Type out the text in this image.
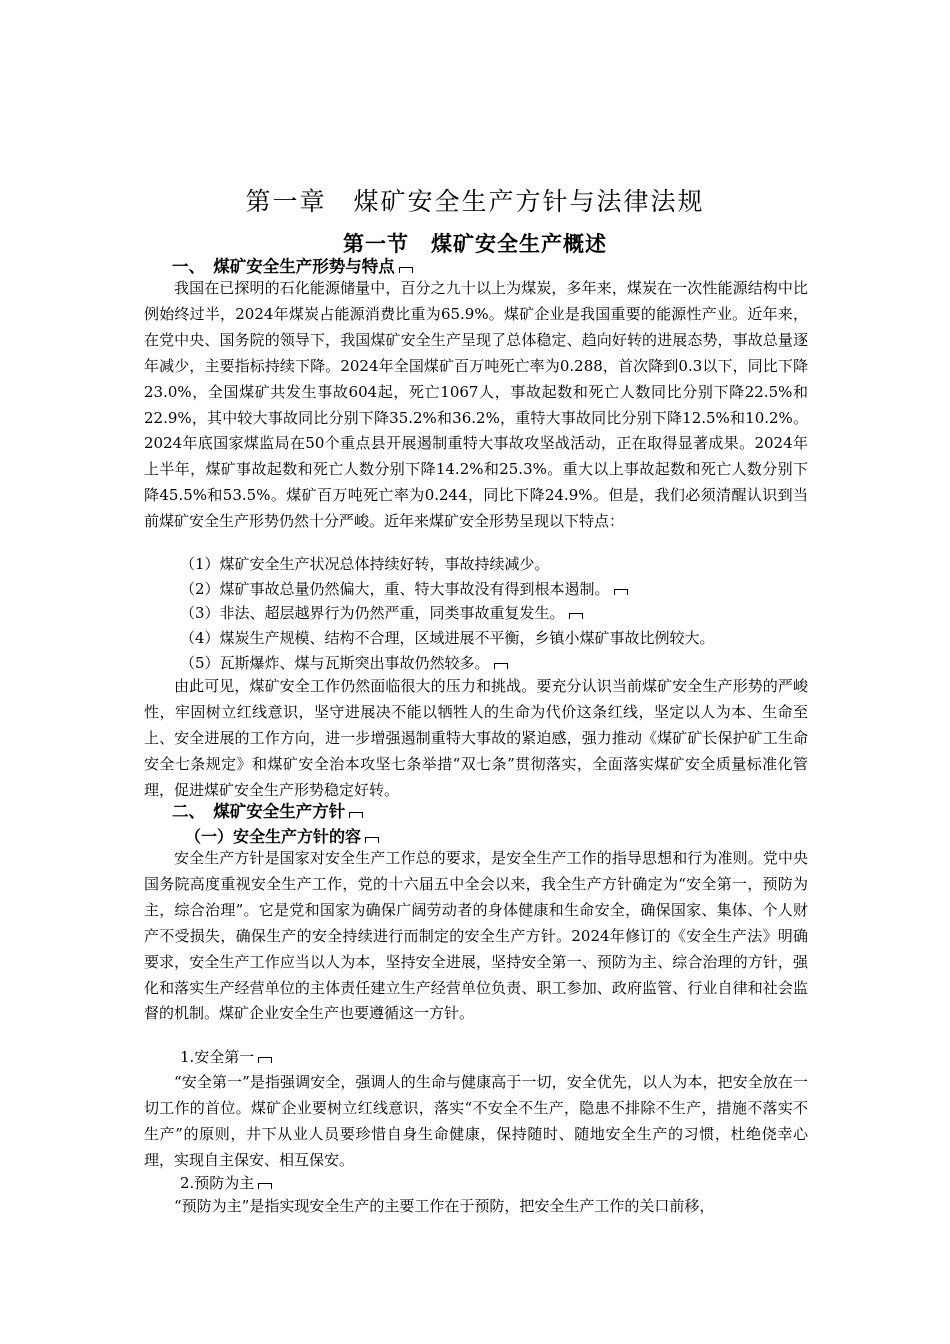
第一章　煤矿安全生产方针与法律法规
第一节　煤矿安全生产概述
一、　煤矿安全生产形势与特点

我国在已探明的石化能源储量中，百分之九十以上为煤炭，多年来，煤炭在一次性能源结构中比例始终过半，2024年煤炭占能源消费比重为65.9%。煤矿企业是我国重要的能源性产业。近年来，在党中央、国务院的领导下，我国煤矿安全生产呈现了总体稳定、趋向好转的进展态势，事故总量逐年减少，主要指标持续下降。2024年全国煤矿百万吨死亡率为0.288，首次降到0.3以下，同比下降23.0%，全国煤矿共发生事故604起，死亡1067人，事故起数和死亡人数同比分别下降22.5%和22.9%，其中较大事故同比分别下降35.2%和36.2%，重特大事故同比分别下降12.5%和10.2%。2024年底国家煤监局在50个重点县开展遏制重特大事故攻坚战活动，正在取得显著成果。2024年上半年，煤矿事故起数和死亡人数分别下降14.2%和25.3%。重大以上事故起数和死亡人数分别下降45.5%和53.5%。煤矿百万吨死亡率为0.244，同比下降24.9%。但是，我们必须清醒认识到当前煤矿安全生产形势仍然十分严峻。近年来煤矿安全形势呈现以下特点：

（1）煤矿安全生产状况总体持续好转，事故持续减少。
（2）煤矿事故总量仍然偏大，重、特大事故没有得到根本遏制。
（3）非法、超层越界行为仍然严重，同类事故重复发生。
（4）煤炭生产规模、结构不合理，区域进展不平衡，乡镇小煤矿事故比例较大。
（5）瓦斯爆炸、煤与瓦斯突出事故仍然较多。

由此可见，煤矿安全工作仍然面临很大的压力和挑战。要充分认识当前煤矿安全生产形势的严峻性，牢固树立红线意识，坚守进展决不能以牺牲人的生命为代价这条红线，坚定以人为本、生命至上、安全进展的工作方向，进一步增强遏制重特大事故的紧迫感，强力推动《煤矿矿长保护矿工生命安全七条规定》和煤矿安全治本攻坚七条举措“双七条”贯彻落实，全面落实煤矿安全质量标准化管理，促进煤矿安全生产形势稳定好转。

二、　煤矿安全生产方针
（一）安全生产方针的容

安全生产方针是国家对安全生产工作总的要求，是安全生产工作的指导思想和行为准则。党中央国务院高度重视安全生产工作，党的十六届五中全会以来，我全生产方针确定为“安全第一，预防为主，综合治理”。它是党和国家为确保广阔劳动者的身体健康和生命安全，确保国家、集体、个人财产不受损失，确保生产的安全持续进行而制定的安全生产方针。2024年修订的《安全生产法》明确要求，安全生产工作应当以人为本，坚持安全进展，坚持安全第一、预防为主、综合治理的方针，强化和落实生产经营单位的主体责任建立生产经营单位负责、职工参加、政府监管、行业自律和社会监督的机制。煤矿企业安全生产也要遵循这一方针。

1.安全第一

“安全第一”是指强调安全，强调人的生命与健康高于一切，安全优先，以人为本，把安全放在一切工作的首位。煤矿企业要树立红线意识，落实“不安全不生产，隐患不排除不生产，措施不落实不生产”的原则，井下从业人员要珍惜自身生命健康，保持随时、随地安全生产的习惯，杜绝侥幸心理，实现自主保安、相互保安。

2.预防为主

“预防为主”是指实现安全生产的主要工作在于预防，把安全生产工作的关口前移，
